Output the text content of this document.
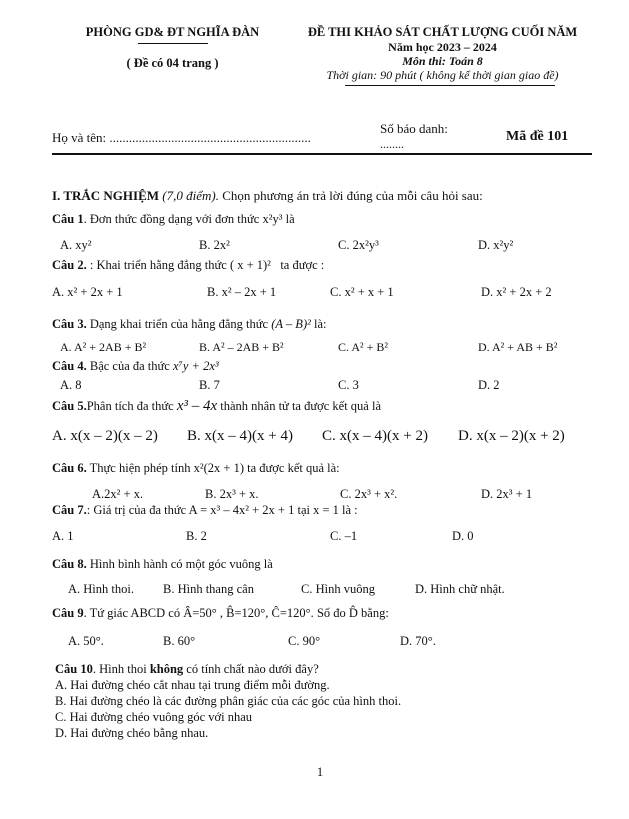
PHÒNG GD& ĐT NGHĨA ĐÀN
( Đề có 04 trang )
ĐỀ THI KHẢO SÁT CHẤT LƯỢNG CUỐI NĂM
Năm học 2023 – 2024
Môn thi: Toán 8
Thời gian: 90 phút ( không kể thời gian giao đề)
Họ và tên: ..............................................................
Số báo danh:
........	Mã đề 101
I. TRẮC NGHIỆM (7,0 điểm). Chọn phương án trả lời đúng của mỗi câu hỏi sau:
Câu 1. Đơn thức đồng dạng với đơn thức x²y³ là
A. xy²	B. 2x²	C. 2x²y³	D. x²y²
Câu 2. : Khai triển hằng đẳng thức ( x + 1)² ta được :
A. x² + 2x + 1	B. x² – 2x + 1	C. x² + x + 1	D. x² + 2x + 2
Câu 3. Dạng khai triển của hằng đẳng thức (A – B)² là:
A. A² + 2AB + B²	B. A² – 2AB + B²	C. A² + B²	D. A² + AB + B²
Câu 4. Bậc của đa thức x⁷y + 2x³
A. 8	B. 7	C. 3	D. 2
Câu 5.Phân tích đa thức x³ – 4x thành nhân tử ta được kết quả là
A. x(x – 2)(x – 2) B. x(x – 4)(x + 4) C. x(x – 4)(x + 2) D. x(x – 2)(x + 2)
Câu 6. Thực hiện phép tính x²(2x + 1) ta được kết quả là:
A.2x² + x.	B. 2x³ + x.	C. 2x³ + x².	D. 2x³ + 1
Câu 7.: Giá trị của đa thức A = x³ – 4x² + 2x + 1 tại x = 1 là :
A. 1	B. 2	C. –1	D. 0
Câu 8. Hình bình hành có một góc vuông là
A. Hình thoi. B. Hình thang cân	C. Hình vuông	D. Hình chữ nhật.
Câu 9. Tứ giác ABCD có Â=50° , B̂=120°, Ĉ=120°. Số đo D̂ bằng:
A. 50°.	B. 60°	C. 90°	D. 70°.
Câu 10. Hình thoi không có tính chất nào dưới đây?
A. Hai đường chéo cắt nhau tại trung điểm mỗi đường.
B. Hai đường chéo là các đường phân giác của các góc của hình thoi.
C. Hai đường chéo vuông góc với nhau
D. Hai đường chéo bằng nhau.
1
